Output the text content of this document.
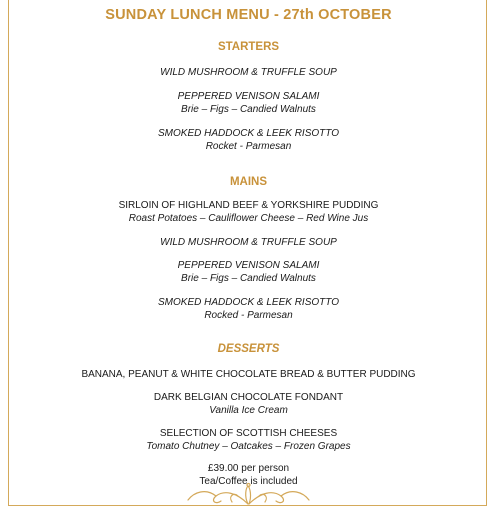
SUNDAY LUNCH MENU - 27th OCTOBER
STARTERS
WILD MUSHROOM & TRUFFLE SOUP
PEPPERED VENISON SALAMI
Brie – Figs – Candied Walnuts
SMOKED HADDOCK & LEEK RISOTTO
Rocket - Parmesan
MAINS
SIRLOIN OF HIGHLAND BEEF & YORKSHIRE PUDDING
Roast Potatoes – Cauliflower Cheese – Red Wine Jus
WILD MUSHROOM & TRUFFLE SOUP
PEPPERED VENISON SALAMI
Brie – Figs – Candied Walnuts
SMOKED HADDOCK & LEEK RISOTTO
Rocked - Parmesan
DESSERTS
BANANA, PEANUT & WHITE CHOCOLATE BREAD & BUTTER PUDDING
DARK BELGIAN CHOCOLATE FONDANT
Vanilla Ice Cream
SELECTION OF SCOTTISH CHEESES
Tomato Chutney – Oatcakes – Frozen Grapes
£39.00 per person
Tea/Coffee is included
